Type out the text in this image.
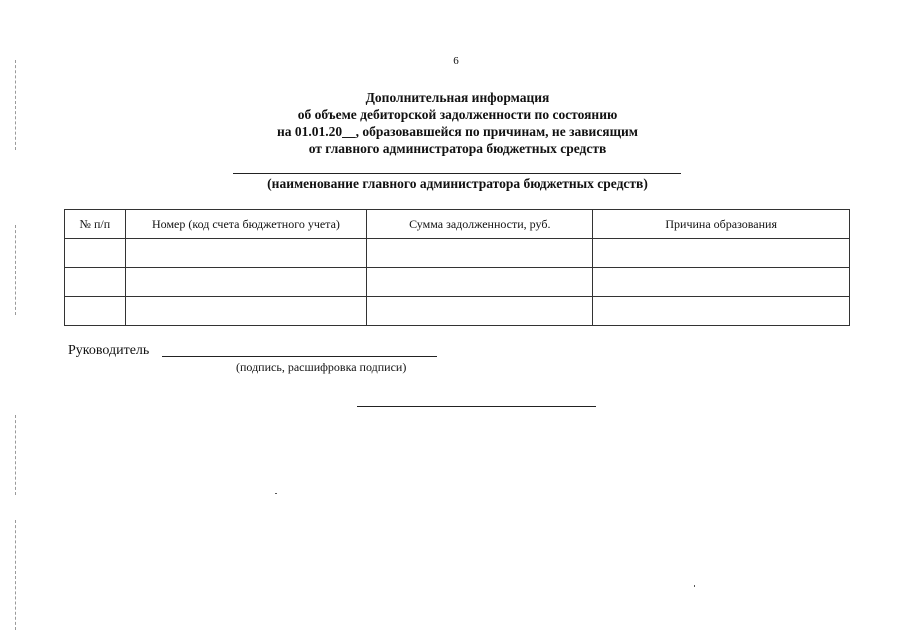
6
Дополнительная информация
об объеме дебиторской задолженности по состоянию
на 01.01.20__, образовавшейся по причинам, не зависящим
от главного администратора бюджетных средств
(наименование главного администратора бюджетных средств)
№ п/п	Номер (код счета бюджетного учета)	Сумма задолженности, руб.	Причина образования

Руководитель
(подпись, расшифровка подписи)
